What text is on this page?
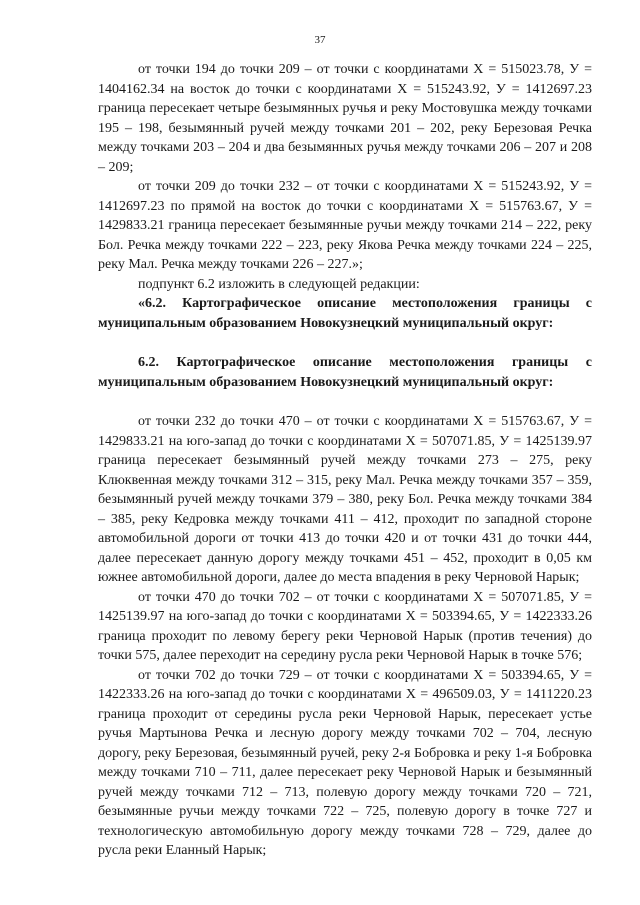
37

от точки 194 до точки 209 – от точки с координатами Х = 515023.78, У = 1404162.34 на восток до точки с координатами Х = 515243.92, У = 1412697.23 граница пересекает четыре безымянных ручья и реку Мостовушка между точками 195 – 198, безымянный ручей между точками 201 – 202, реку Березовая Речка между точками 203 – 204 и два безымянных ручья между точками 206 – 207 и 208 – 209;

от точки 209 до точки 232 – от точки с координатами Х = 515243.92, У = 1412697.23 по прямой на восток до точки с координатами Х = 515763.67, У = 1429833.21 граница пересекает безымянные ручьи между точками 214 – 222, реку Бол. Речка между точками 222 – 223, реку Якова Речка между точками 224 – 225, реку Мал. Речка между точками 226 – 227.»;

подпункт 6.2 изложить в следующей редакции:

«6.2. Картографическое описание местоположения границы с муниципальным образованием Новокузнецкий муниципальный округ:

6.2. Картографическое описание местоположения границы с муниципальным образованием Новокузнецкий муниципальный округ:

от точки 232 до точки 470 – от точки с координатами Х = 515763.67, У = 1429833.21 на юго-запад до точки с координатами Х = 507071.85, У = 1425139.97 граница пересекает безымянный ручей между точками 273 – 275, реку Клюквенная между точками 312 – 315, реку Мал. Речка между точками 357 – 359, безымянный ручей между точками 379 – 380, реку Бол. Речка между точками 384 – 385, реку Кедровка между точками 411 – 412, проходит по западной стороне автомобильной дороги от точки 413 до точки 420 и от точки 431 до точки 444, далее пересекает данную дорогу между точками 451 – 452, проходит в 0,05 км южнее автомобильной дороги, далее до места впадения в реку Черновой Нарык;

от точки 470 до точки 702 – от точки с координатами Х = 507071.85, У = 1425139.97 на юго-запад до точки с координатами Х = 503394.65, У = 1422333.26 граница проходит по левому берегу реки Черновой Нарык (против течения) до точки 575, далее переходит на середину русла реки Черновой Нарык в точке 576;

от точки 702 до точки 729 – от точки с координатами Х = 503394.65, У = 1422333.26 на юго-запад до точки с координатами Х = 496509.03, У = 1411220.23 граница проходит от середины русла реки Черновой Нарык, пересекает устье ручья Мартынова Речка и лесную дорогу между точками 702 – 704, лесную дорогу, реку Березовая, безымянный ручей, реку 2-я Бобровка и реку 1-я Бобровка между точками 710 – 711, далее пересекает реку Черновой Нарык и безымянный ручей между точками 712 – 713, полевую дорогу между точками 720 – 721, безымянные ручьи между точками 722 – 725, полевую дорогу в точке 727 и технологическую автомобильную дорогу между точками 728 – 729, далее до русла реки Еланный Нарык;
